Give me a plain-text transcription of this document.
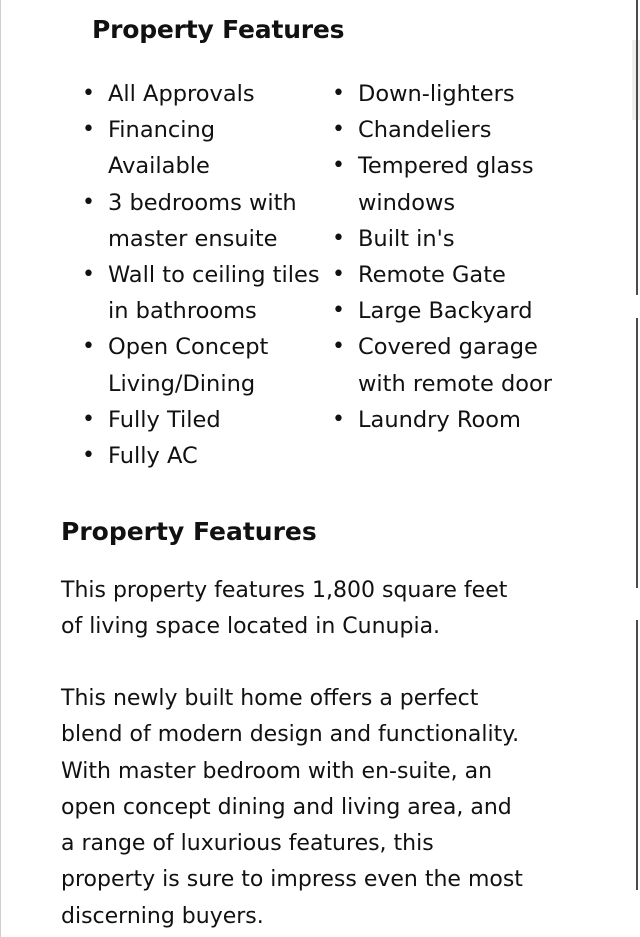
Property Features
• All Approvals
• Financing Available
• 3 bedrooms with master ensuite
• Wall to ceiling tiles in bathrooms
• Open Concept Living/Dining
• Fully Tiled
• Fully AC
• Down-lighters
• Chandeliers
• Tempered glass windows
• Built in's
• Remote Gate
• Large Backyard
• Covered garage with remote door
• Laundry Room
Property Features

This property features 1,800 square feet
of living space located in Cunupia.

This newly built home offers a perfect
blend of modern design and functionality.
With master bedroom with en-suite, an
open concept dining and living area, and
a range of luxurious features, this
property is sure to impress even the most
discerning buyers.
